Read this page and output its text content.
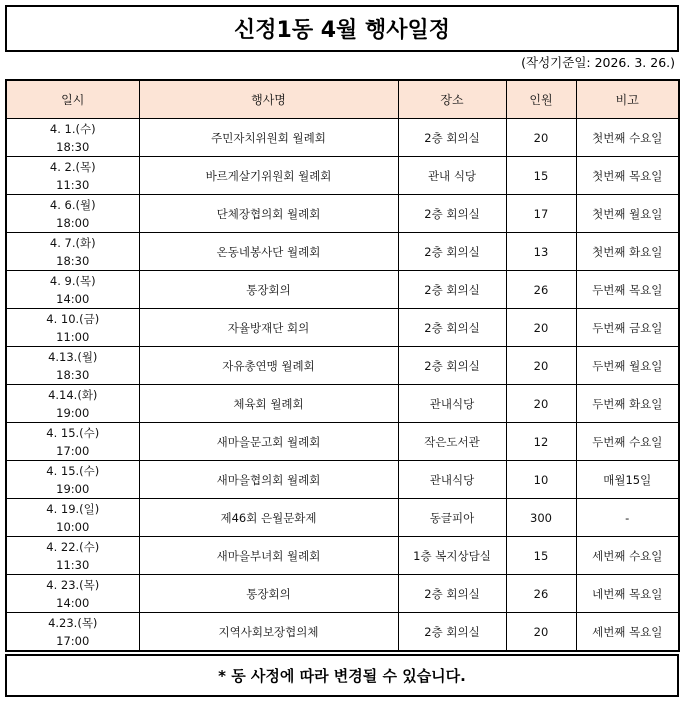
신정1동 4월 행사일정
(작성기준일: 2026. 3. 26.)
일시	행사명	장소	인원	비고

4. 1.(수)
18:30	주민자치위원회 월례회	2층 회의실	20	첫번째 수요일

4. 2.(목)
11:30	바르게살기위원회 월례회	관내 식당	15	첫번째 목요일

4. 6.(월)
18:00	단체장협의회 월례회	2층 회의실	17	첫번째 월요일

4. 7.(화)
18:30	온동네봉사단 월례회	2층 회의실	13	첫번째 화요일

4. 9.(목)
14:00	통장회의	2층 회의실	26	두번째 목요일

4. 10.(금)
11:00	자율방재단 회의	2층 회의실	20	두번째 금요일

4.13.(월)
18:30	자유총연맹 월례회	2층 회의실	20	두번째 월요일

4.14.(화)
19:00	체육회 월례회	관내식당	20	두번째 화요일

4. 15.(수)
17:00	새마을문고회 월례회	작은도서관	12	두번째 수요일

4. 15.(수)
19:00	새마을협의회 월례회	관내식당	10	매월15일

4. 19.(일)
10:00	제46회 은월문화제	동글피아	300	-

4. 22.(수)
11:30	새마을부녀회 월례회	1층 복지상담실	15	세번째 수요일

4. 23.(목)
14:00	통장회의	2층 회의실	26	네번째 목요일

4.23.(목)
17:00	지역사회보장협의체	2층 회의실	20	세번째 목요일
* 동 사정에 따라 변경될 수 있습니다.
